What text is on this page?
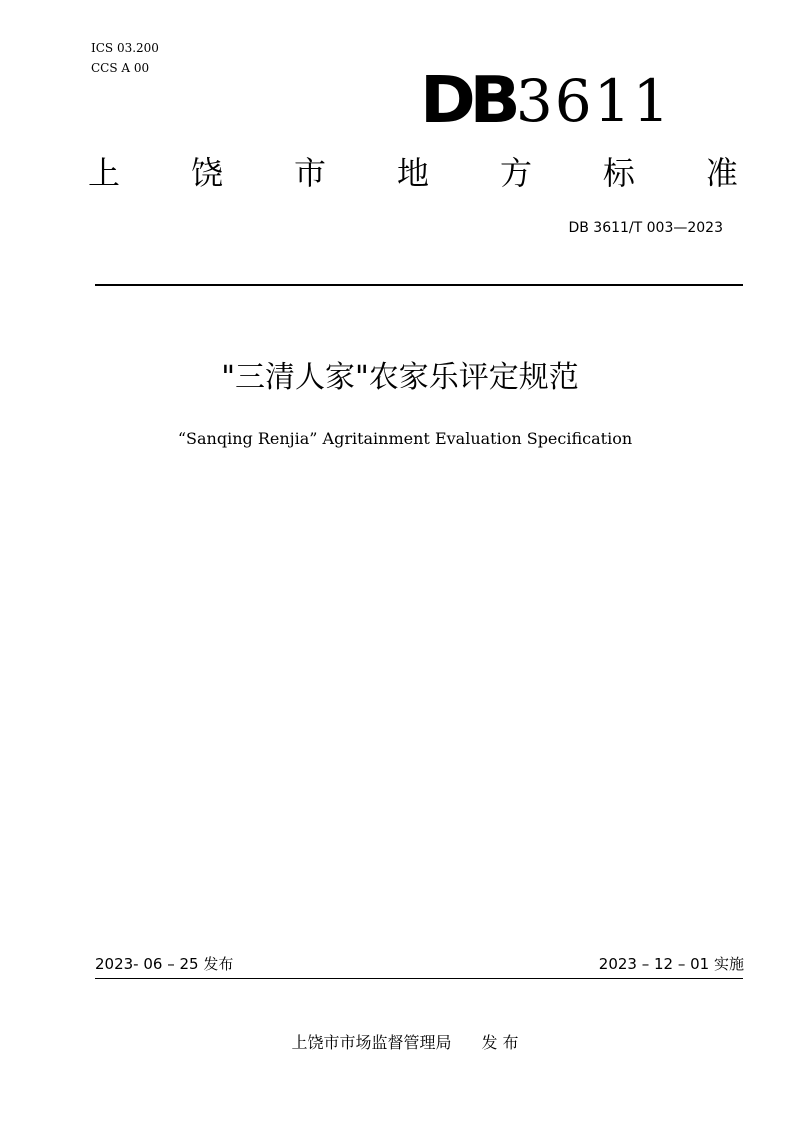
ICS 03.200
CCS A 00	DB 3611
上 饶 市 地 方 标 准
DB 3611/T 003—2023
"三清人家"农家乐评定规范
“Sanqing Renjia” Agritainment Evaluation Specification
2023- 06 – 25 发布	2023 – 12 – 01 实施
上饶市市场监督管理局 发 布
